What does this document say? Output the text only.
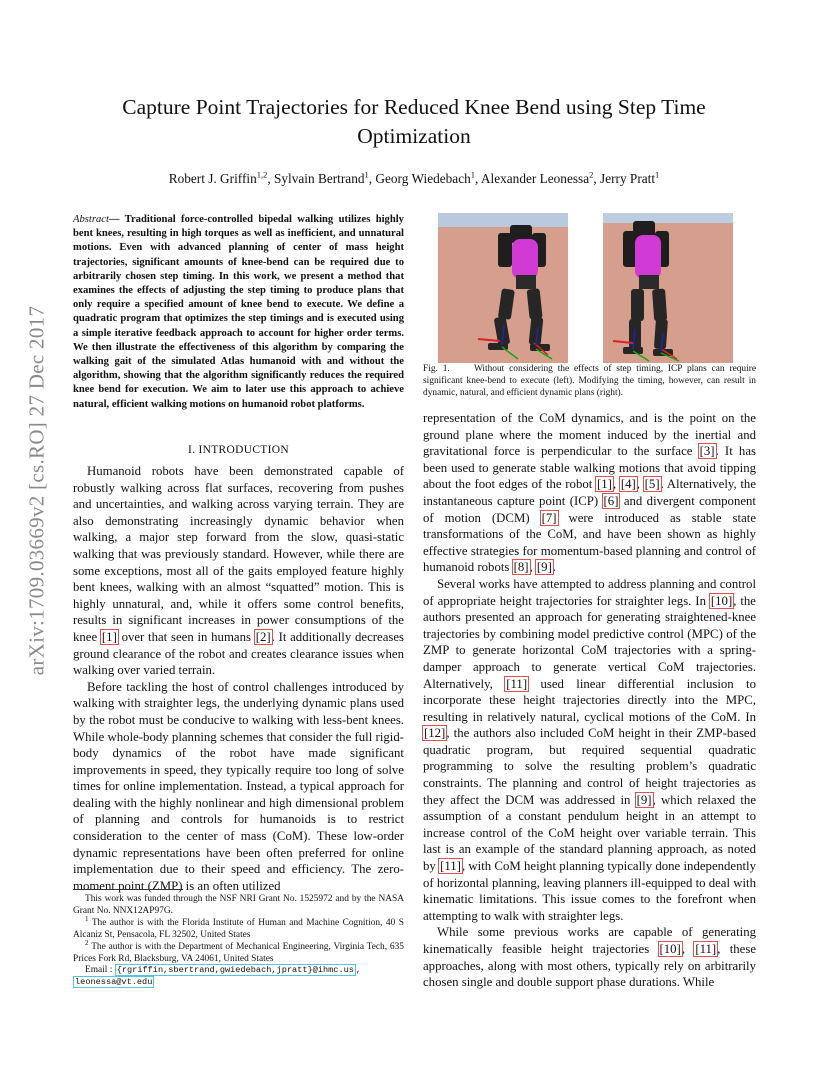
arXiv:1709.03669v2 [cs.RO] 27 Dec 2017
Capture Point Trajectories for Reduced Knee Bend using Step Time Optimization
Robert J. Griffin$^{1,2}$, Sylvain Bertrand$^1$, Georg Wiedebach$^1$, Alexander Leonessa$^2$, Jerry Pratt$^1$
Abstract— Traditional force-controlled bipedal walking utilizes highly bent knees, resulting in high torques as well as inefficient, and unnatural motions. Even with advanced planning of center of mass height trajectories, significant amounts of knee-bend can be required due to arbitrarily chosen step timing. In this work, we present a method that examines the effects of adjusting the step timing to produce plans that only require a specified amount of knee bend to execute. We define a quadratic program that optimizes the step timings and is executed using a simple iterative feedback approach to account for higher order terms. We then illustrate the effectiveness of this algorithm by comparing the walking gait of the simulated Atlas humanoid with and without the algorithm, showing that the algorithm significantly reduces the required knee bend for execution. We aim to later use this approach to achieve natural, efficient walking motions on humanoid robot platforms.
I. INTRODUCTION

Humanoid robots have been demonstrated capable of robustly walking across flat surfaces, recovering from pushes and uncertainties, and walking across varying terrain. They are also demonstrating increasingly dynamic behavior when walking, a major step forward from the slow, quasi-static walking that was previously standard. However, while there are some exceptions, most all of the gaits employed feature highly bent knees, walking with an almost “squatted” motion. This is highly unnatural, and, while it offers some control benefits, results in significant increases in power consumptions of the knee [1] over that seen in humans [2]. It additionally decreases ground clearance of the robot and creates clearance issues when walking over varied terrain.

Before tackling the host of control challenges introduced by walking with straighter legs, the underlying dynamic plans used by the robot must be conducive to walking with less-bent knees. While whole-body planning schemes that consider the full rigid-body dynamics of the robot have made significant improvements in speed, they typically require too long of solve times for online implementation. Instead, a typical approach for dealing with the highly nonlinear and high dimensional problem of planning and controls for humanoids is to restrict consideration to the center of mass (CoM). These low-order dynamic representations have been often preferred for online implementation due to their speed and efficiency. The zero-moment point (ZMP) is an often utilized

This work was funded through the NSF NRI Grant No. 1525972 and by the NASA Grant No. NNX12AP97G.

$^1$ The author is with the Florida Institute of Human and Machine Cognition, 40 S Alcaniz St, Pensacola, FL 32502, United States

$^2$ The author is with the Department of Mechanical Engineering, Virginia Tech, 635 Prices Fork Rd, Blacksburg, VA 24061, United States

Email : {rgriffin,sbertrand,gwiedebach,jpratt}@ihmc.us ,

leonessa@vt.edu

Fig. 1.	Without considering the effects of step timing, ICP plans can require significant knee-bend to execute (left). Modifying the timing, however, can result in dynamic, natural, and efficient dynamic plans (right).

representation of the CoM dynamics, and is the point on the ground plane where the moment induced by the inertial and gravitational force is perpendicular to the surface [3]. It has been used to generate stable walking motions that avoid tipping about the foot edges of the robot [1], [4], [5]. Alternatively, the instantaneous capture point (ICP) [6] and divergent component of motion (DCM) [7] were introduced as stable state transformations of the CoM, and have been shown as highly effective strategies for momentum-based planning and control of humanoid robots [8], [9].

Several works have attempted to address planning and control of appropriate height trajectories for straighter legs. In [10], the authors presented an approach for generating straightened-knee trajectories by combining model predictive control (MPC) of the ZMP to generate horizontal CoM trajectories with a spring-damper approach to generate vertical CoM trajectories. Alternatively, [11] used linear differential inclusion to incorporate these height trajectories directly into the MPC, resulting in relatively natural, cyclical motions of the CoM. In [12], the authors also included CoM height in their ZMP-based quadratic program, but required sequential quadratic programming to solve the resulting problem’s quadratic constraints. The planning and control of height trajectories as they affect the DCM was addressed in [9], which relaxed the assumption of a constant pendulum height in an attempt to increase control of the CoM height over variable terrain. This last is an example of the standard planning approach, as noted by [11], with CoM height planning typically done independently of horizontal planning, leaving planners ill-equipped to deal with kinematic limitations. This issue comes to the forefront when attempting to walk with straighter legs.

While some previous works are capable of generating kinematically feasible height trajectories [10], [11], these approaches, along with most others, typically rely on arbitrarily chosen single and double support phase durations. While
